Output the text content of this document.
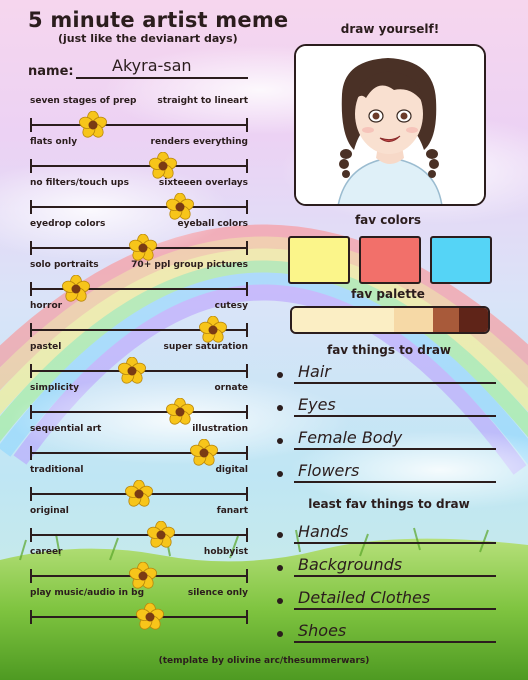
5 minute artist meme
(just like the devianart days)
name: Akyra-san
seven stages of prep	straight to lineart
flats only	renders everything
no filters/touch ups	sixteeen overlays
eyedrop colors	eyeball colors
solo portraits	70+ ppl group pictures
horror	cutesy
pastel	super saturation
simplicity	ornate
sequential art	illustration
traditional	digital
original	fanart
career	hobbyist
play music/audio in bg	silence only
draw yourself!
fav colors
fav palette
fav things to draw
Hair
Eyes
Female Body
Flowers
least fav things to draw
Hands
Backgrounds
Detailed Clothes
Shoes
(template by olivine arc/thesummerwars)
